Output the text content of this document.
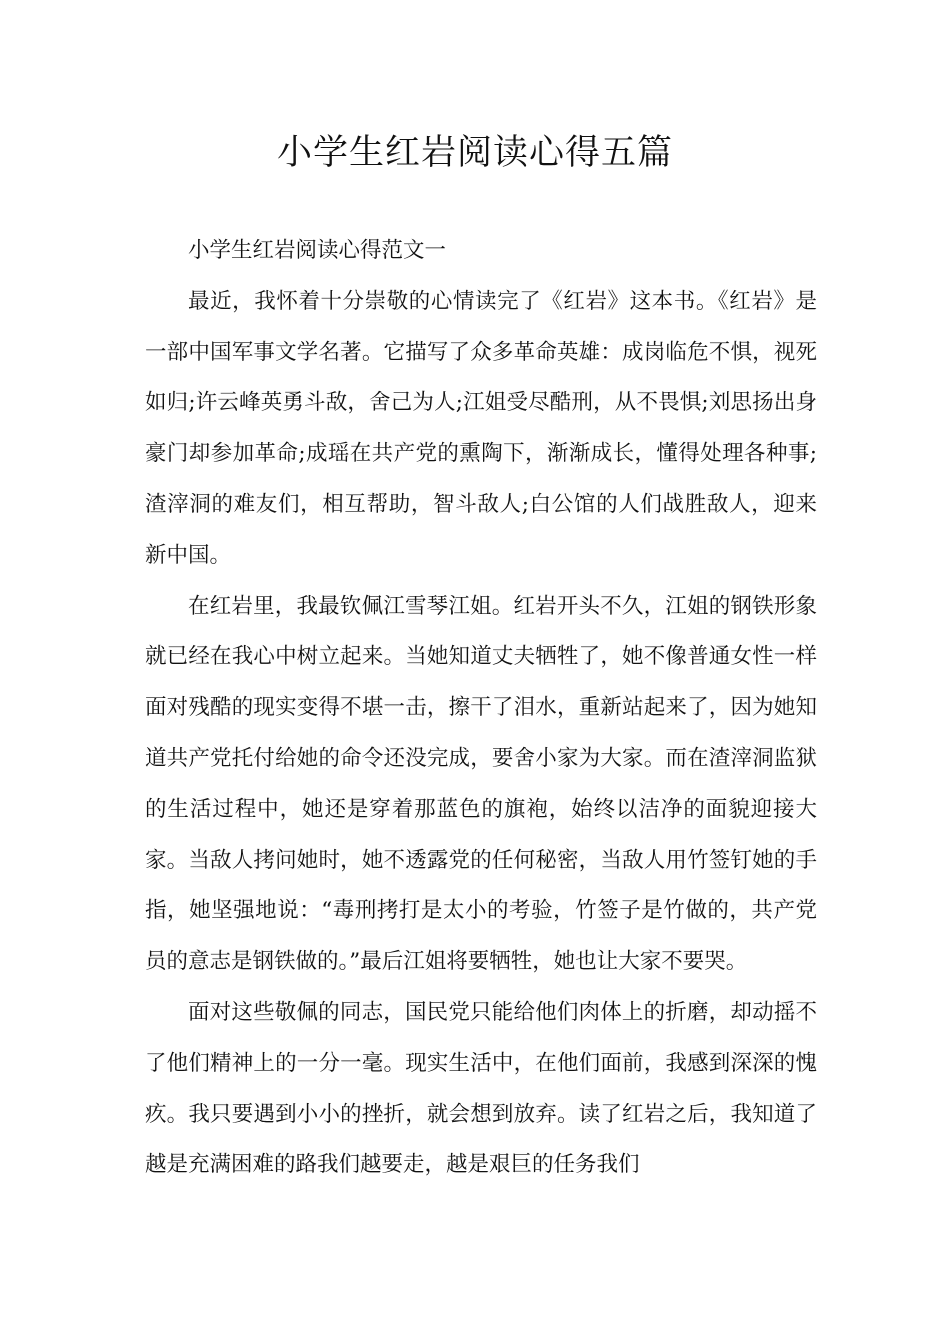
小学生红岩阅读心得五篇

小学生红岩阅读心得范文一

最近，我怀着十分崇敬的心情读完了《红岩》这本书。《红岩》是一部中国军事文学名著。它描写了众多革命英雄：成岗临危不惧，视死如归;许云峰英勇斗敌，舍己为人;江姐受尽酷刑，从不畏惧;刘思扬出身豪门却参加革命;成瑶在共产党的熏陶下，渐渐成长，懂得处理各种事;渣滓洞的难友们，相互帮助，智斗敌人;白公馆的人们战胜敌人，迎来新中国。

在红岩里，我最钦佩江雪琴江姐。红岩开头不久，江姐的钢铁形象就已经在我心中树立起来。当她知道丈夫牺牲了，她不像普通女性一样面对残酷的现实变得不堪一击，擦干了泪水，重新站起来了，因为她知道共产党托付给她的命令还没完成，要舍小家为大家。而在渣滓洞监狱的生活过程中，她还是穿着那蓝色的旗袍，始终以洁净的面貌迎接大家。当敌人拷问她时，她不透露党的任何秘密，当敌人用竹签钉她的手指，她坚强地说：“毒刑拷打是太小的考验，竹签子是竹做的，共产党员的意志是钢铁做的。”最后江姐将要牺牲，她也让大家不要哭。

面对这些敬佩的同志，国民党只能给他们肉体上的折磨，却动摇不了他们精神上的一分一毫。现实生活中，在他们面前，我感到深深的愧疚。我只要遇到小小的挫折，就会想到放弃。读了红岩之后，我知道了越是充满困难的路我们越要走，越是艰巨的任务我们
